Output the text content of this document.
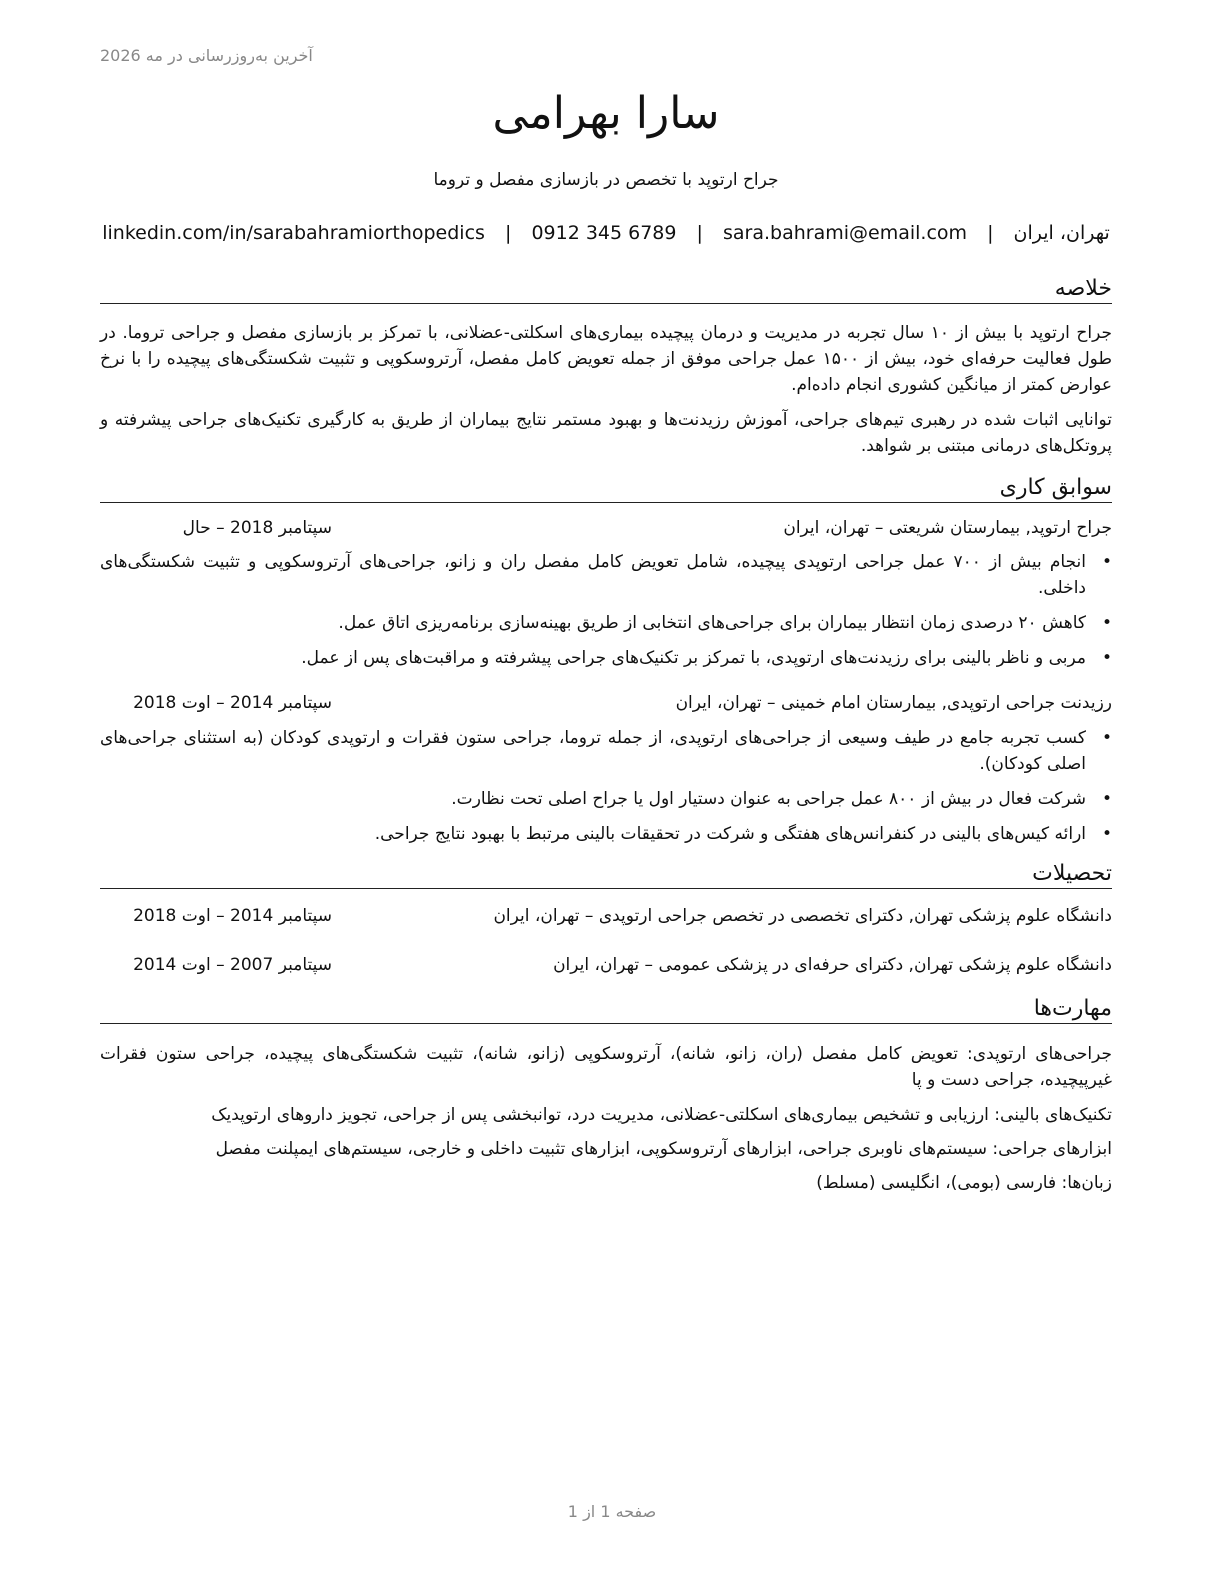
آخرین به‌روزرسانی در مه 2026
سارا بهرامی
جراح ارتوپد با تخصص در بازسازی مفصل و تروما
تهران، ایران | sara.bahrami@email.com | 0912 345 6789 | linkedin.com/in/sarabahramiorthopedics
خلاصه

جراح ارتوپد با بیش از ۱۰ سال تجربه در مدیریت و درمان پیچیده بیماری‌های اسکلتی-عضلانی، با تمرکز بر بازسازی مفصل و جراحی تروما. در طول فعالیت حرفه‌ای خود، بیش از ۱۵۰۰ عمل جراحی موفق از جمله تعویض کامل مفصل، آرتروسکوپی و تثبیت شکستگی‌های پیچیده را با نرخ عوارض کمتر از میانگین کشوری انجام داده‌ام.

توانایی اثبات شده در رهبری تیم‌های جراحی، آموزش رزیدنت‌ها و بهبود مستمر نتایج بیماران از طریق به کارگیری تکنیک‌های جراحی پیشرفته و پروتکل‌های درمانی مبتنی بر شواهد.

سوابق کاری
جراح ارتوپد, بیمارستان شریعتی – تهران، ایران
سپتامبر 2018 – حال
•
انجام بیش از ۷۰۰ عمل جراحی ارتوپدی پیچیده، شامل تعویض کامل مفصل ران و زانو، جراحی‌های آرتروسکوپی و تثبیت شکستگی‌های داخلی.
•
کاهش ۲۰ درصدی زمان انتظار بیماران برای جراحی‌های انتخابی از طریق بهینه‌سازی برنامه‌ریزی اتاق عمل.
•
مربی و ناظر بالینی برای رزیدنت‌های ارتوپدی، با تمرکز بر تکنیک‌های جراحی پیشرفته و مراقبت‌های پس از عمل.
رزیدنت جراحی ارتوپدی, بیمارستان امام خمینی – تهران، ایران
سپتامبر 2014 – اوت 2018
•
کسب تجربه جامع در طیف وسیعی از جراحی‌های ارتوپدی، از جمله تروما، جراحی ستون فقرات و ارتوپدی کودکان (به استثنای جراحی‌های اصلی کودکان).
•
شرکت فعال در بیش از ۸۰۰ عمل جراحی به عنوان دستیار اول یا جراح اصلی تحت نظارت.
•
ارائه کیس‌های بالینی در کنفرانس‌های هفتگی و شرکت در تحقیقات بالینی مرتبط با بهبود نتایج جراحی.
تحصیلات
دانشگاه علوم پزشکی تهران, دکترای تخصصی در تخصص جراحی ارتوپدی – تهران، ایران
سپتامبر 2014 – اوت 2018
دانشگاه علوم پزشکی تهران, دکترای حرفه‌ای در پزشکی عمومی – تهران، ایران
سپتامبر 2007 – اوت 2014
مهارت‌ها
جراحی‌های ارتوپدی: تعویض کامل مفصل (ران، زانو، شانه)، آرتروسکوپی (زانو، شانه)، تثبیت شکستگی‌های پیچیده، جراحی ستون فقرات غیرپیچیده، جراحی دست و پا
تکنیک‌های بالینی: ارزیابی و تشخیص بیماری‌های اسکلتی-عضلانی، مدیریت درد، توانبخشی پس از جراحی، تجویز داروهای ارتوپدیک
ابزارهای جراحی: سیستم‌های ناوبری جراحی، ابزارهای آرتروسکوپی، ابزارهای تثبیت داخلی و خارجی، سیستم‌های ایمپلنت مفصل
زبان‌ها: فارسی (بومی)، انگلیسی (مسلط)
صفحه 1 از 1
